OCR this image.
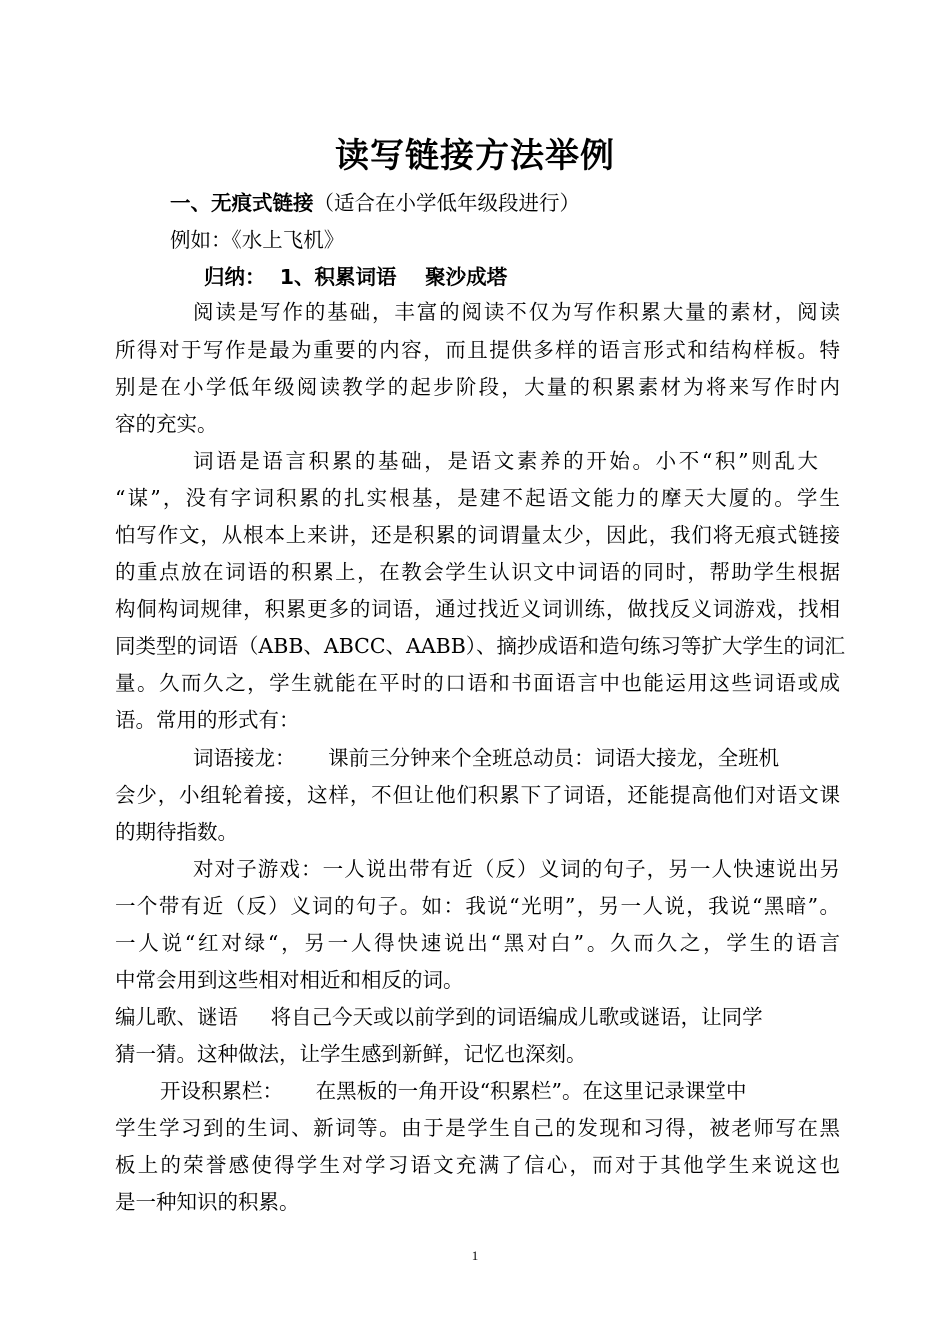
读写链接方法举例
一、无痕式链接（适合在小学低年级段进行）
例如：《水上飞机》
归纳：  1、积累词语    聚沙成塔
阅读是写作的基础，丰富的阅读不仅为写作积累大量的素材，阅读
所得对于写作是最为重要的内容，而且提供多样的语言形式和结构样板。特
别是在小学低年级阅读教学的起步阶段，大量的积累素材为将来写作时内
容的充实。
词语是语言积累的基础，是语文素养的开始。小不“积”则乱大
“谋”，没有字词积累的扎实根基，是建不起语文能力的摩天大厦的。学生
怕写作文，从根本上来讲，还是积累的词谓量太少，因此，我们将无痕式链接
的重点放在词语的积累上，在教会学生认识文中词语的同时，帮助学生根据
构侗构词规律，积累更多的词语，通过找近义词训练，做找反义词游戏，找相
同类型的词语（ABB、ABCC、AABB）、摘抄成语和造句练习等扩大学生的词汇
量。久而久之，学生就能在平时的口语和书面语言中也能运用这些词语或成
语。常用的形式有：
词语接龙：     课前三分钟来个全班总动员：词语大接龙，全班机
会少，小组轮着接，这样，不但让他们积累下了词语，还能提高他们对语文课
的期待指数。
对对子游戏：一人说出带有近（反）义词的句子，另一人快速说出另
一个带有近（反）义词的句子。如：我说“光明”，另一人说，我说“黑暗”。
一人说“红对绿“，另一人得快速说出“黑对白”。久而久之，学生的语言
中常会用到这些相对相近和相反的词。
编儿歌、谜语     将自己今天或以前学到的词语编成儿歌或谜语，让同学
猜一猜。这种做法，让学生感到新鲜，记忆也深刻。
开设积累栏：     在黑板的一角开设“积累栏”。在这里记录课堂中
学生学习到的生词、新词等。由于是学生自己的发现和习得，被老师写在黑
板上的荣誉感使得学生对学习语文充满了信心，而对于其他学生来说这也
是一种知识的积累。
1
